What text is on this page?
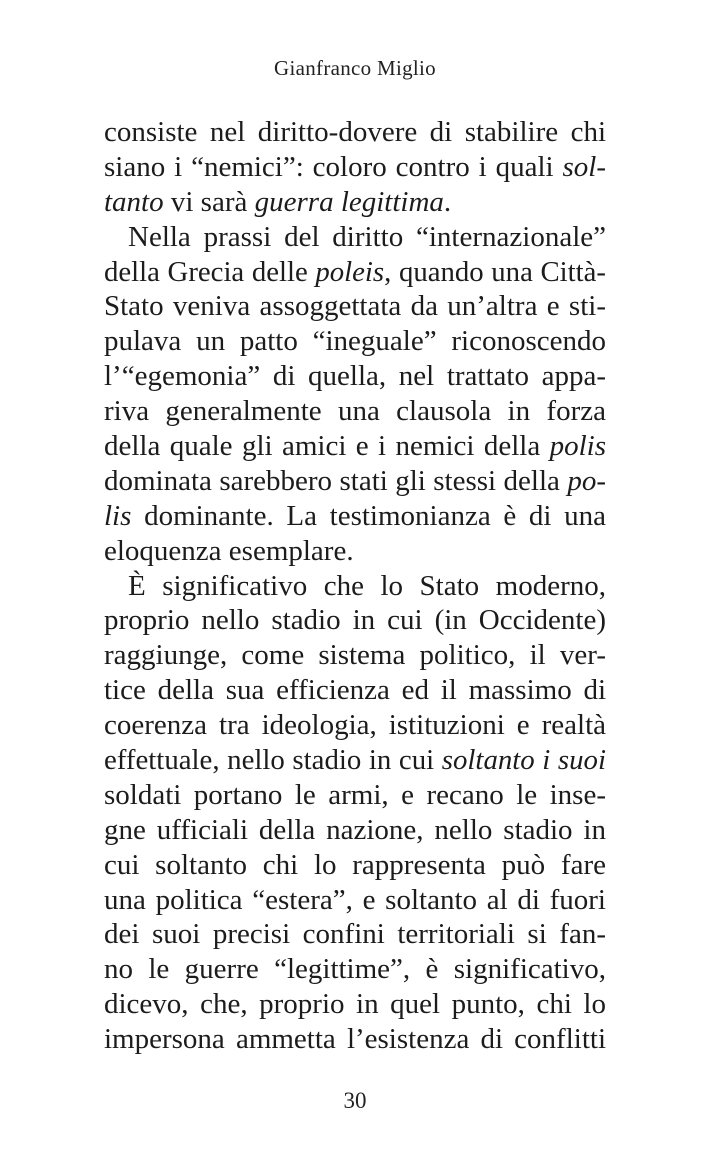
Gianfranco Miglio
consiste nel diritto-dovere di stabilire chi
siano i “nemici”: coloro contro i quali sol-
tanto vi sarà guerra legittima.
Nella prassi del diritto “internazionale”
della Grecia delle poleis, quando una Città-
Stato veniva assoggettata da un’altra e sti-
pulava un patto “ineguale” riconoscendo
l’“egemonia” di quella, nel trattato appa-
riva generalmente una clausola in forza
della quale gli amici e i nemici della polis
dominata sarebbero stati gli stessi della po-
lis dominante. La testimonianza è di una
eloquenza esemplare.
È significativo che lo Stato moderno,
proprio nello stadio in cui (in Occidente)
raggiunge, come sistema politico, il ver-
tice della sua efficienza ed il massimo di
coerenza tra ideologia, istituzioni e realtà
effettuale, nello stadio in cui soltanto i suoi
soldati portano le armi, e recano le inse-
gne ufficiali della nazione, nello stadio in
cui soltanto chi lo rappresenta può fare
una politica “estera”, e soltanto al di fuori
dei suoi precisi confini territoriali si fan-
no le guerre “legittime”, è significativo,
dicevo, che, proprio in quel punto, chi lo
impersona ammetta l’esistenza di conflitti
30
